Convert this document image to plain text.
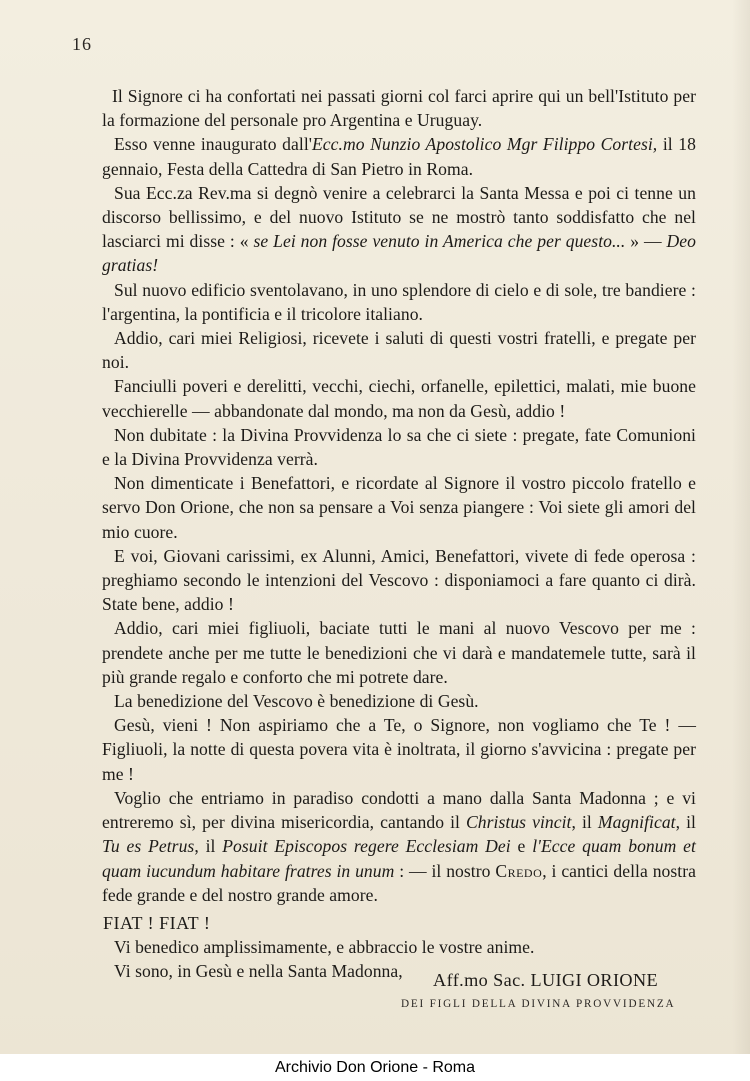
16

Il Signore ci ha confortati nei passati giorni col farci aprire qui un bell'Istituto per la formazione del personale pro Argentina e Uruguay.

Esso venne inaugurato dall'Ecc.mo Nunzio Apostolico Mgr Filippo Cortesi, il 18 gennaio, Festa della Cattedra di San Pietro in Roma.

Sua Ecc.za Rev.ma si degnò venire a celebrarci la Santa Messa e poi ci tenne un discorso bellissimo, e del nuovo Istituto se ne mostrò tanto soddisfatto che nel lasciarci mi disse : « se Lei non fosse venuto in America che per questo... » — Deo gratias!

Sul nuovo edificio sventolavano, in uno splendore di cielo e di sole, tre bandiere : l'argentina, la pontificia e il tricolore italiano.

Addio, cari miei Religiosi, ricevete i saluti di questi vostri fratelli, e pregate per noi.

Fanciulli poveri e derelitti, vecchi, ciechi, orfanelle, epilettici, malati, mie buone vecchierelle — abbandonate dal mondo, ma non da Gesù, addio !

Non dubitate : la Divina Provvidenza lo sa che ci siete : pregate, fate Comunioni e la Divina Provvidenza verrà.

Non dimenticate i Benefattori, e ricordate al Signore il vostro piccolo fratello e servo Don Orione, che non sa pensare a Voi senza piangere : Voi siete gli amori del mio cuore.

E voi, Giovani carissimi, ex Alunni, Amici, Benefattori, vivete di fede operosa : preghiamo secondo le intenzioni del Vescovo : disponiamoci a fare quanto ci dirà. State bene, addio !

Addio, cari miei figliuoli, baciate tutti le mani al nuovo Vescovo per me : prendete anche per me tutte le benedizioni che vi darà e mandatemele tutte, sarà il più grande regalo e conforto che mi potrete dare.

La benedizione del Vescovo è benedizione di Gesù.

Gesù, vieni ! Non aspiriamo che a Te, o Signore, non vogliamo che Te ! — Figliuoli, la notte di questa povera vita è inoltrata, il giorno s'avvicina : pregate per me !

Voglio che entriamo in paradiso condotti a mano dalla Santa Madonna ; e vi entreremo sì, per divina misericordia, cantando il Christus vincit, il Magnificat, il Tu es Petrus, il Posuit Episcopos regere Ecclesiam Dei e l'Ecce quam bonum et quam iucundum habitare fratres in unum : — il nostro Credo, i cantici della nostra fede grande e del nostro grande amore.

FIAT ! FIAT !

Vi benedico amplissimamente, e abbraccio le vostre anime.

Vi sono, in Gesù e nella Santa Madonna,	Aff.mo Sac. LUIGI ORIONE
DEI FIGLI DELLA DIVINA PROVVIDENZA
Archivio Don Orione - Roma
